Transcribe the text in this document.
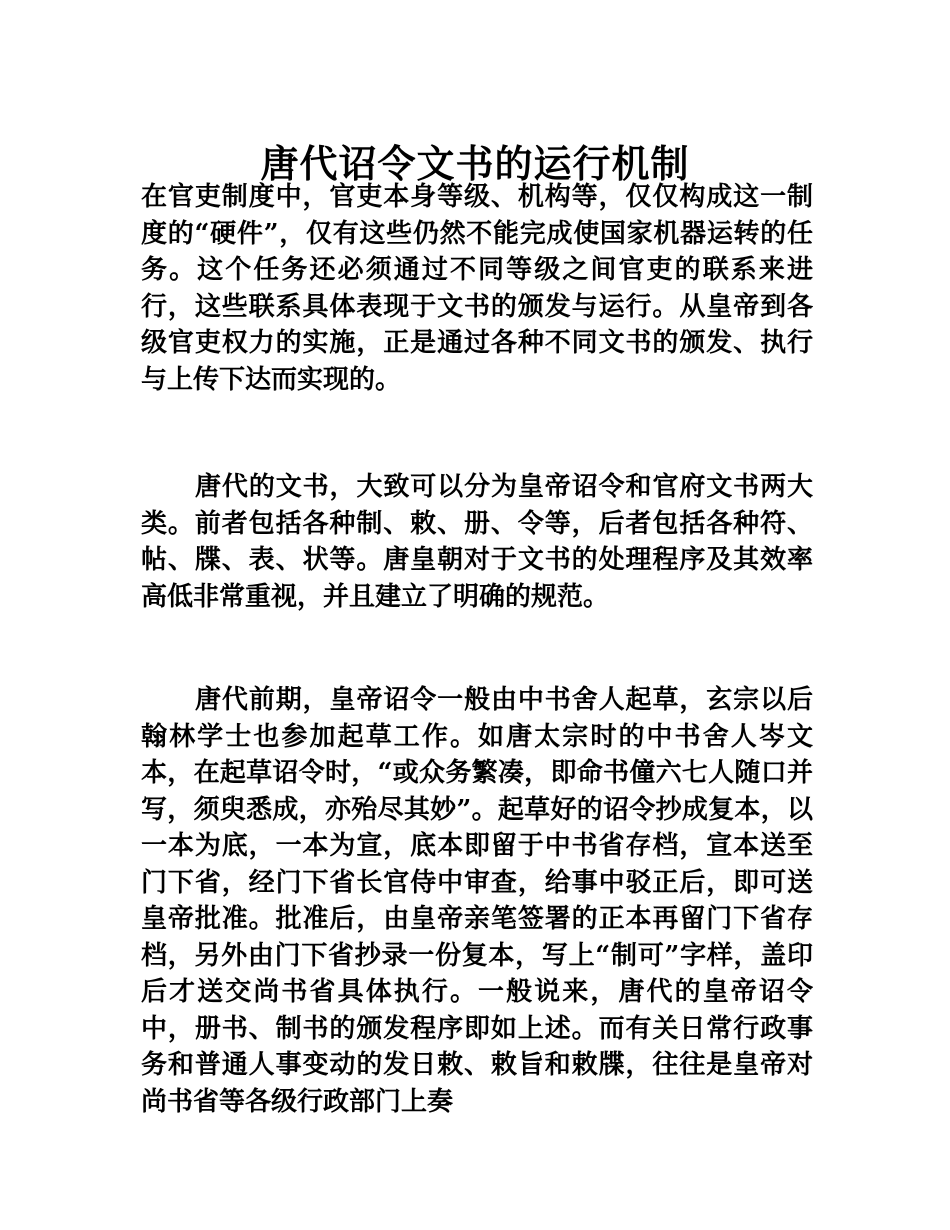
唐代诏令文书的运行机制

在官吏制度中，官吏本身等级、机构等，仅仅构成这一制度的“硬件”，仅有这些仍然不能完成使国家机器运转的任务。这个任务还必须通过不同等级之间官吏的联系来进行，这些联系具体表现于文书的颁发与运行。从皇帝到各级官吏权力的实施，正是通过各种不同文书的颁发、执行与上传下达而实现的。

唐代的文书，大致可以分为皇帝诏令和官府文书两大类。前者包括各种制、敕、册、令等，后者包括各种符、帖、牒、表、状等。唐皇朝对于文书的处理程序及其效率高低非常重视，并且建立了明确的规范。

唐代前期，皇帝诏令一般由中书舍人起草，玄宗以后翰林学士也参加起草工作。如唐太宗时的中书舍人岑文本，在起草诏令时，“或众务繁凑，即命书僮六七人随口并写，须臾悉成，亦殆尽其妙”。起草好的诏令抄成复本，以一本为底，一本为宣，底本即留于中书省存档，宣本送至门下省，经门下省长官侍中审查，给事中驳正后，即可送皇帝批准。批准后，由皇帝亲笔签署的正本再留门下省存档，另外由门下省抄录一份复本，写上“制可”字样，盖印后才送交尚书省具体执行。一般说来，唐代的皇帝诏令中，册书、制书的颁发程序即如上述。而有关日常行政事务和普通人事变动的发日敕、敕旨和敕牒，往往是皇帝对尚书省等各级行政部门上奏
